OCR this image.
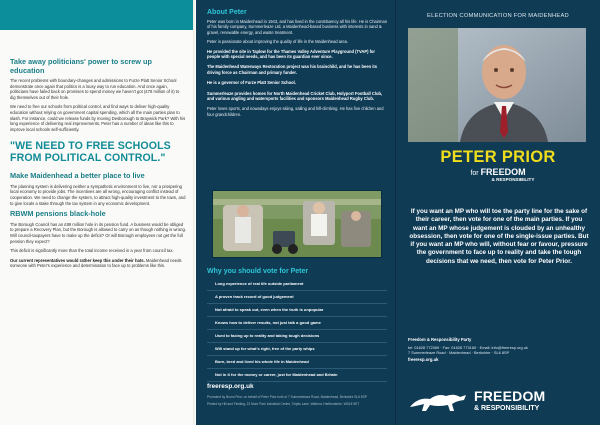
Take away politicians' power to screw up education

The recent problems with boundary-changes and admissions to Furze Platt Senior School demonstrate once again that politics is a lousy way to run education. And once again, politicians have failed back on promises to spend money we haven't got (£78 million of it) to dig themselves out of their hole.

We need to free our schools from political control, and find ways to deliver high-quality education without relying on government capital spending, which all the main parties plan to slash. For instance, could we release funds by moving Desborough to Braywick Park? With his long experience of delivering real improvements, Peter has a number of ideas like this to improve local schools self-sufficiently.

"WE NEED TO FREE SCHOOLS FROM POLITICAL CONTROL."
Make Maidenhead a better place to live

The planning system is delivering neither a sympathetic environment to live, nor a prospering local economy to provide jobs. The incentives are all wrong, encouraging conflict instead of cooperation. We need to change the system, to attract high-quality investment to the town, and to give locals a stake through the tax system in any economic development.

RBWM pensions black-hole

The Borough Council has an £89 million hole in its pension fund. A business would be obliged to prepare a Recovery Plan, but the Borough is allowed to carry on as though nothing is wrong. Will council-taxpayers have to make up the deficit? Or will Borough employees not get the full pension they expect?

This deficit is significantly more than the total income received in a year from council tax.

Our current representatives would rather keep this under their hats. Maidenhead needs someone with Peter's experience and determination to face up to problems like this.

About Peter

Peter was born in Maidenhead in 1943, and has lived in the constituency all his life. He is Chairman of his family company, Summerleaze Ltd, a Maidenhead-based business with interests in sand & gravel, renewable energy, and waste treatment.

Peter is passionate about improving the quality of life in the Maidenhead area.

He provided the site in Taplow for the Thames Valley Adventure Playground (TVAP) for people with special needs, and has been its guardian ever since.

The Maidenhead Waterways Restoration project was his brainchild, and he has been its driving force as Chairman and primary funder.

He is a governor of Furze Platt Senior School.

Summerleaze provides homes for North Maidenhead Cricket Club, Holyport Football Club, and various angling and watersports facilities and sponsors Maidenhead Rugby Club.

Peter loves sports, and nowadays enjoys skiing, sailing and hill-climbing. He has five children and four grandchildren.

Why you should vote for Peter
Long experience of real life outside parliament
A proven track record of good judgement
Not afraid to speak out, even when the truth is unpopular
Knows how to deliver results, not just talk a good game
Used to facing up to reality and taking tough decisions
Will stand up for what's right, free of the party whips
Born, bred and lived his whole life in Maidenhead
Not in it for the money or career, just for Maidenhead and Britain
freeresp.org.uk

Promoted by Bruno Prior, on behalf of Peter Prior both of 7 Summerleaze Road, Maidenhead, Berkshire SL6 8SP

Printed by Hill and Fielding, 22 Moor Park Industrial Centre, Tolpits Lane, Watford, Hertfordshire, WD18 9ET

ELECTION COMMUNICATION FOR MAIDENHEAD
PETER PRIOR
for FREEDOM
& RESPONSIBILITY
If you want an MP who will toe the party line for the sake of their career, then vote for one of the main parties. If you want an MP whose judgement is clouded by an unhealthy obsession, then vote for one of the single-issue parties. But if you want an MP who will, without fear or favour, pressure the government to face up to reality and take the tough decisions that we need, then vote for Peter Prior.

Freedom & Responsibility Party

tel: 01628 772369 · Fax: 01628 773160 · Email: info@freeresp.org.uk

7 Summerleaze Road · Maidenhead · Berkshire · SL6 8SP

freeresp.org.uk

FREEDOM
& RESPONSIBILITY
